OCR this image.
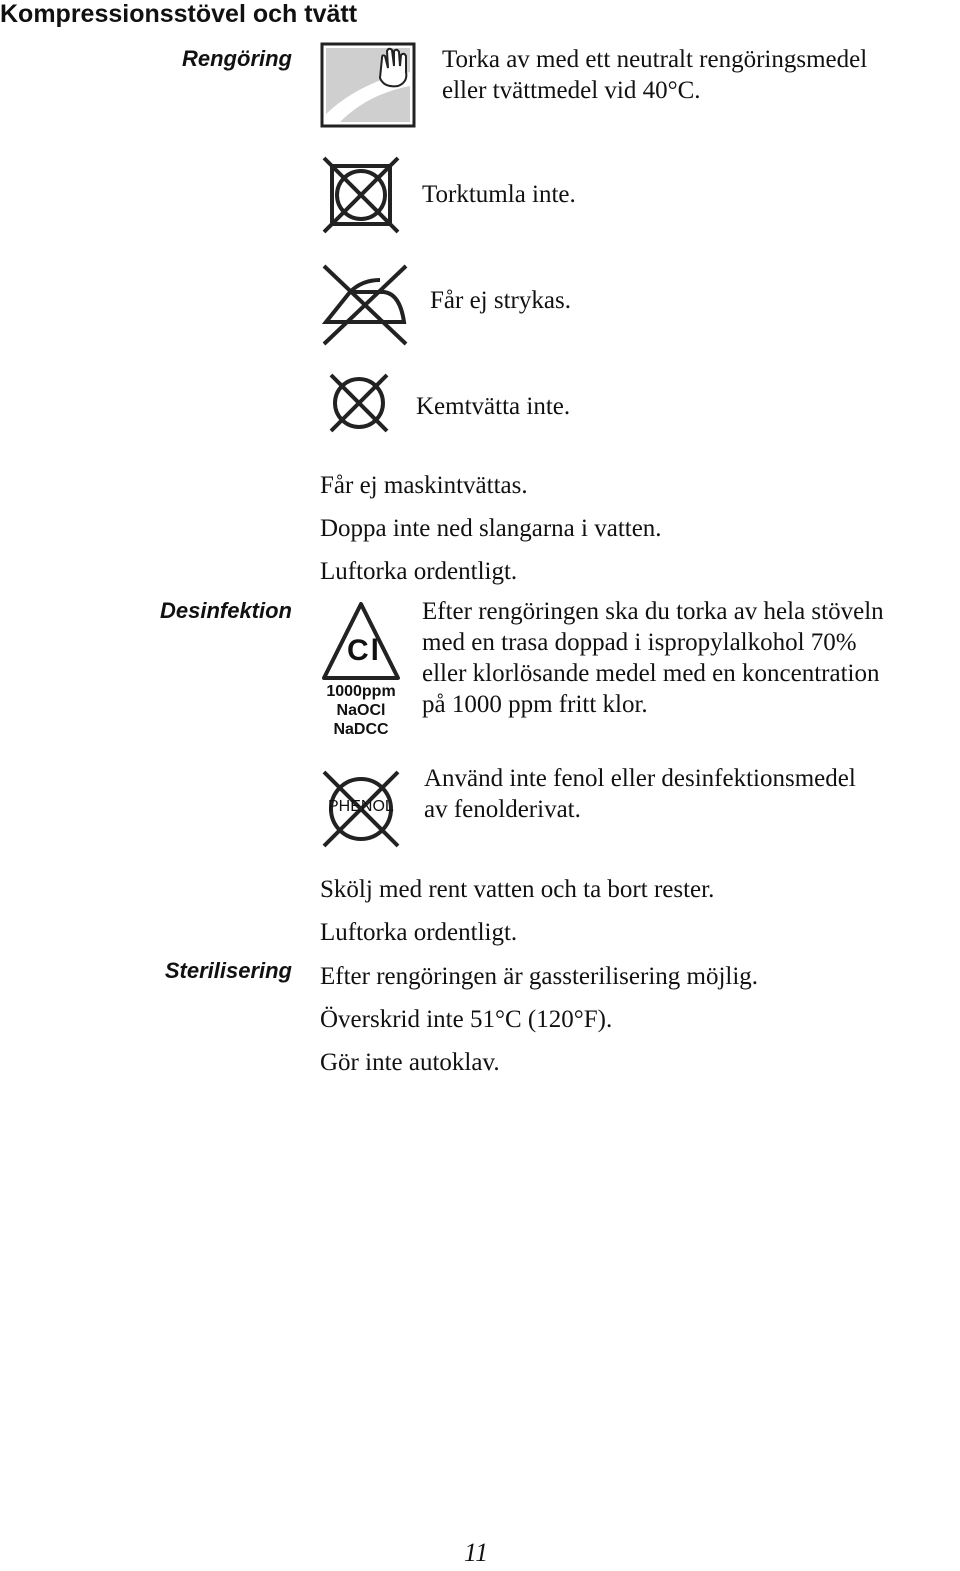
Kompressionsstövel och tvätt
Rengöring	Torka av med ett neutralt rengöringsmedel
eller tvättmedel vid 40°C.
Torktumla inte.
Får ej strykas.
Kemtvätta inte.
Får ej maskintvättas.
Doppa inte ned slangarna i vatten.
Luftorka ordentligt.
Desinfektion
Cl
1000ppm
NaOCl
NaDCC
Efter rengöringen ska du torka av hela stöveln
med en trasa doppad i ispropylalkohol 70%
eller klorlösande medel med en koncentration
på 1000 ppm fritt klor.
PHENOL
Använd inte fenol eller desinfektionsmedel
av fenolderivat.
Skölj med rent vatten och ta bort rester.
Luftorka ordentligt.
Sterilisering Efter rengöringen är gassterilisering möjlig.
Överskrid inte 51°C (120°F).
Gör inte autoklav.
11
